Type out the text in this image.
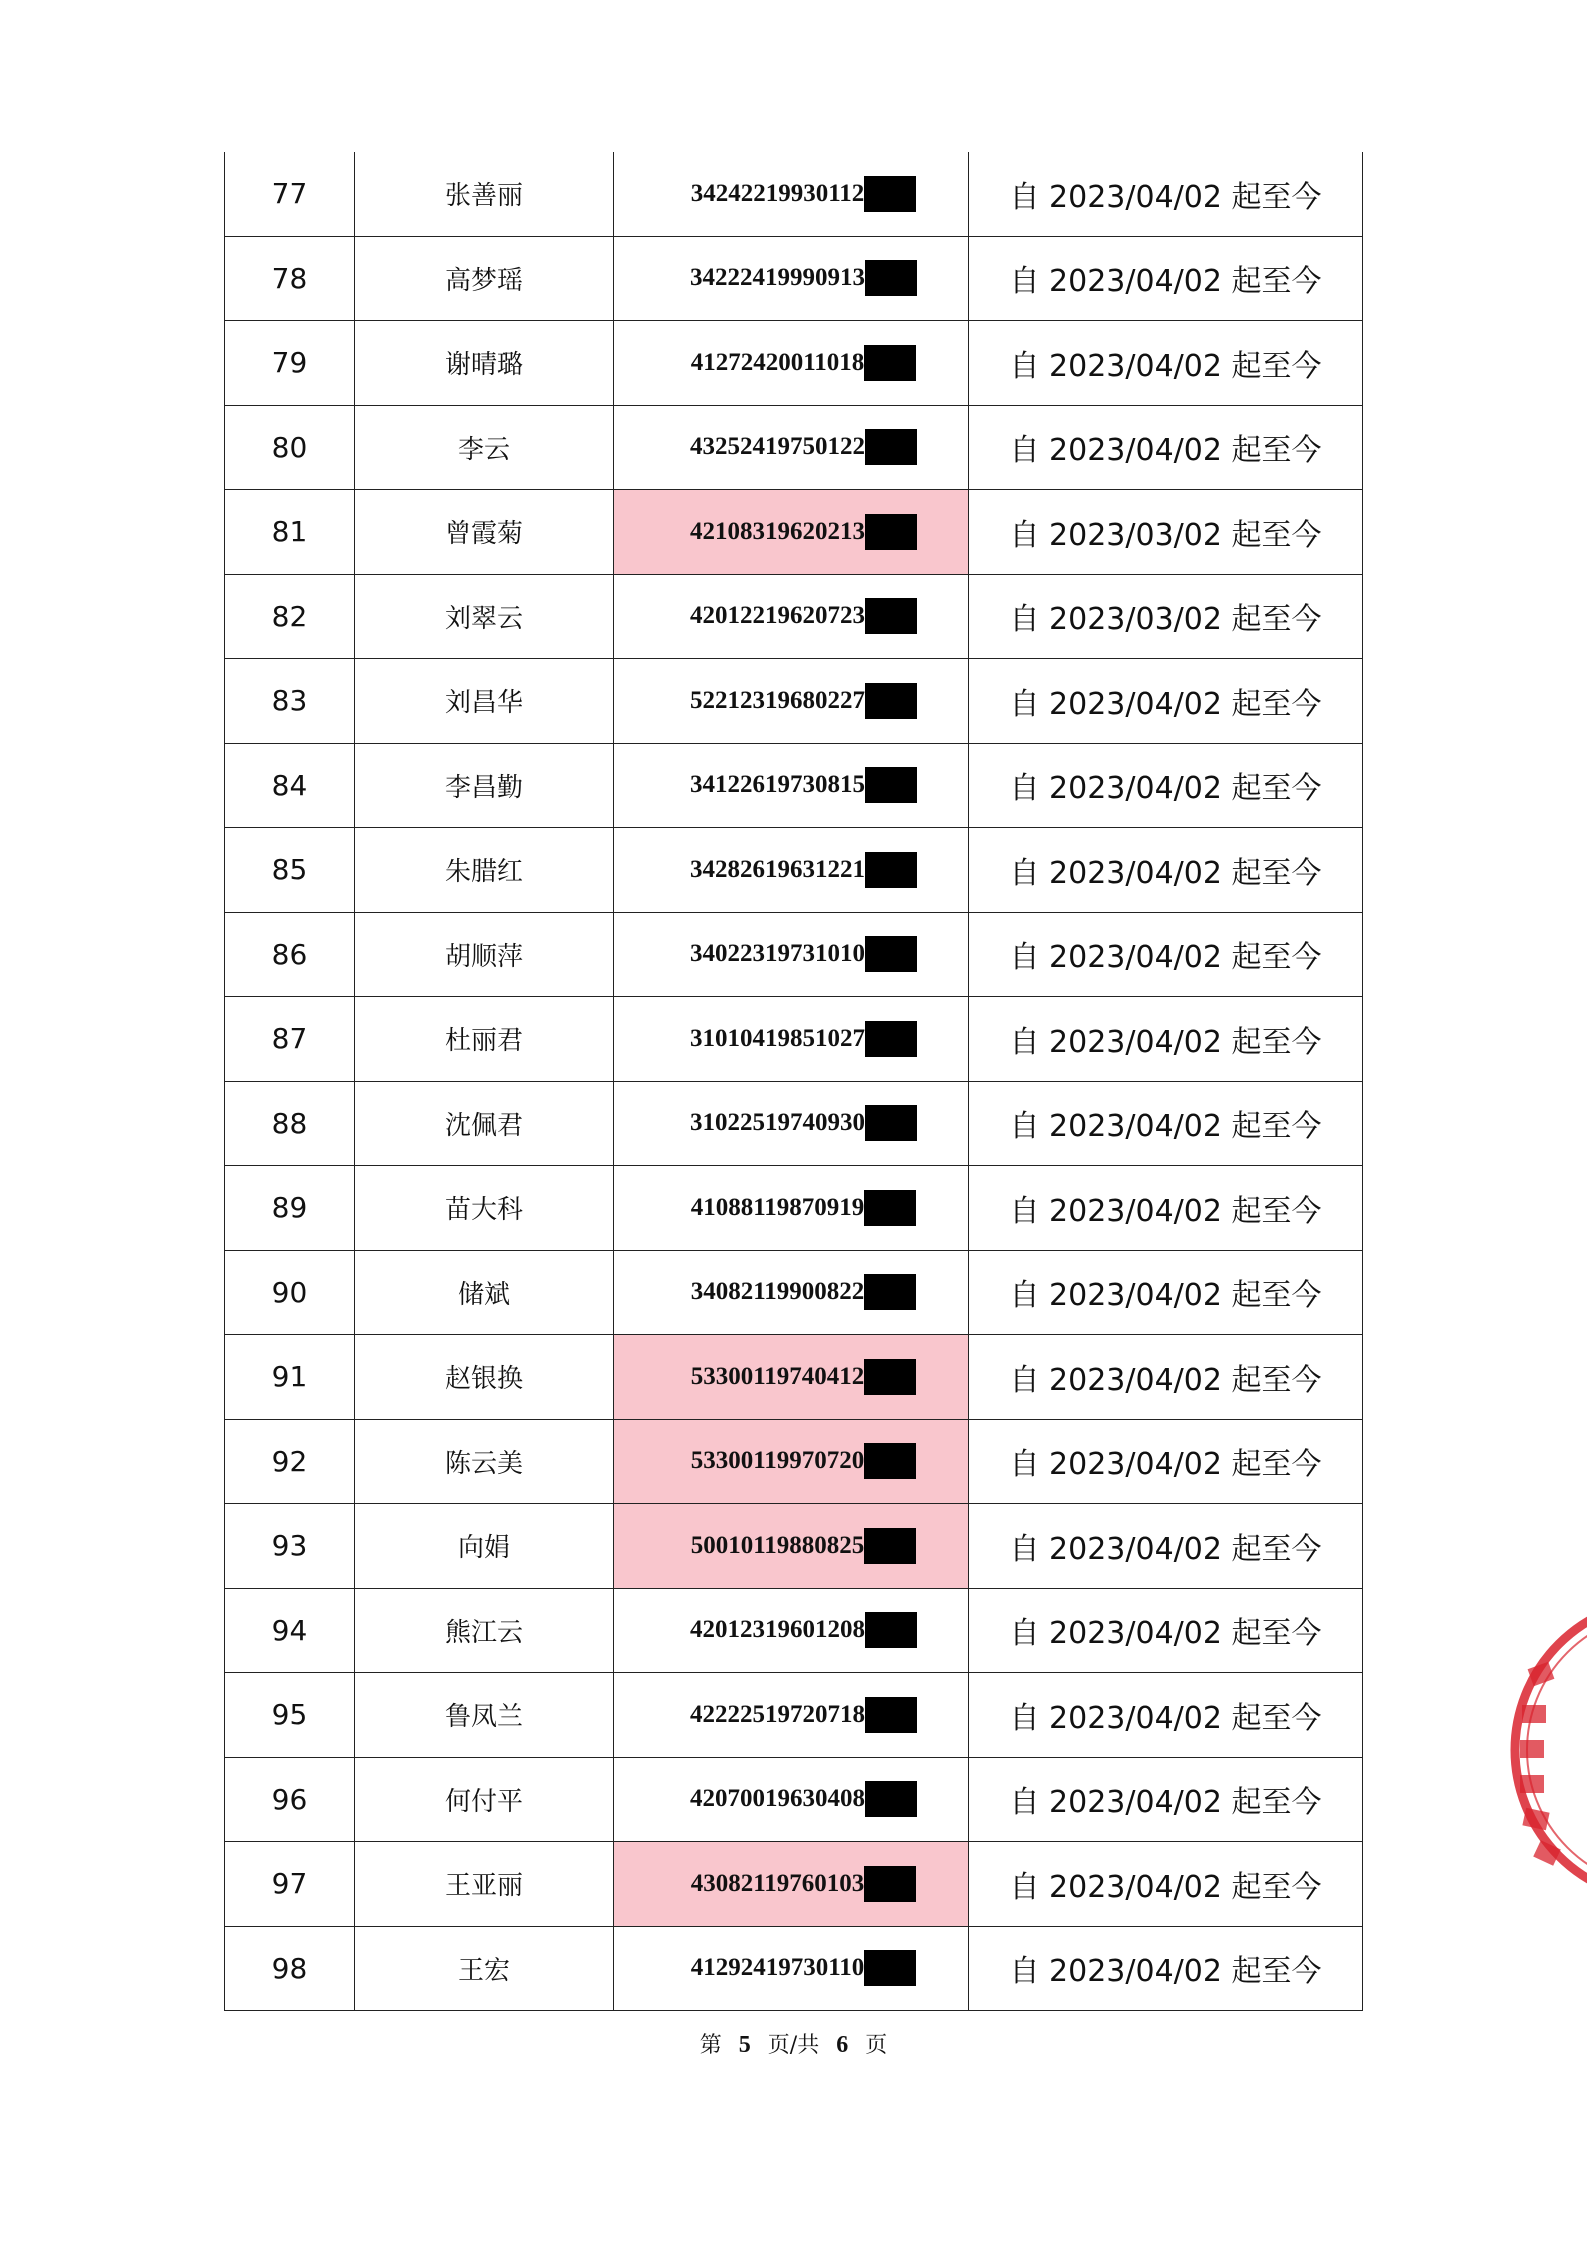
77	张善丽	34242219930112	自 2023/04/02 起至今
78	高梦瑶	34222419990913	自 2023/04/02 起至今
79	谢晴璐	41272420011018	自 2023/04/02 起至今
80	李云	43252419750122	自 2023/04/02 起至今
81	曾霞菊	42108319620213	自 2023/03/02 起至今
82	刘翠云	42012219620723	自 2023/03/02 起至今
83	刘昌华	52212319680227	自 2023/04/02 起至今
84	李昌勤	34122619730815	自 2023/04/02 起至今
85	朱腊红	34282619631221	自 2023/04/02 起至今
86	胡顺萍	34022319731010	自 2023/04/02 起至今
87	杜丽君	31010419851027	自 2023/04/02 起至今
88	沈佩君	31022519740930	自 2023/04/02 起至今
89	苗大科	41088119870919	自 2023/04/02 起至今
90	储斌	34082119900822	自 2023/04/02 起至今
91	赵银换	53300119740412	自 2023/04/02 起至今
92	陈云美	53300119970720	自 2023/04/02 起至今
93	向娟	50010119880825	自 2023/04/02 起至今
94	熊江云	42012319601208	自 2023/04/02 起至今
95	鲁凤兰	42222519720718	自 2023/04/02 起至今
96	何付平	42070019630408	自 2023/04/02 起至今
97	王亚丽	43082119760103	自 2023/04/02 起至今
98	王宏	41292419730110	自 2023/04/02 起至今
第 5 页/共 6 页
